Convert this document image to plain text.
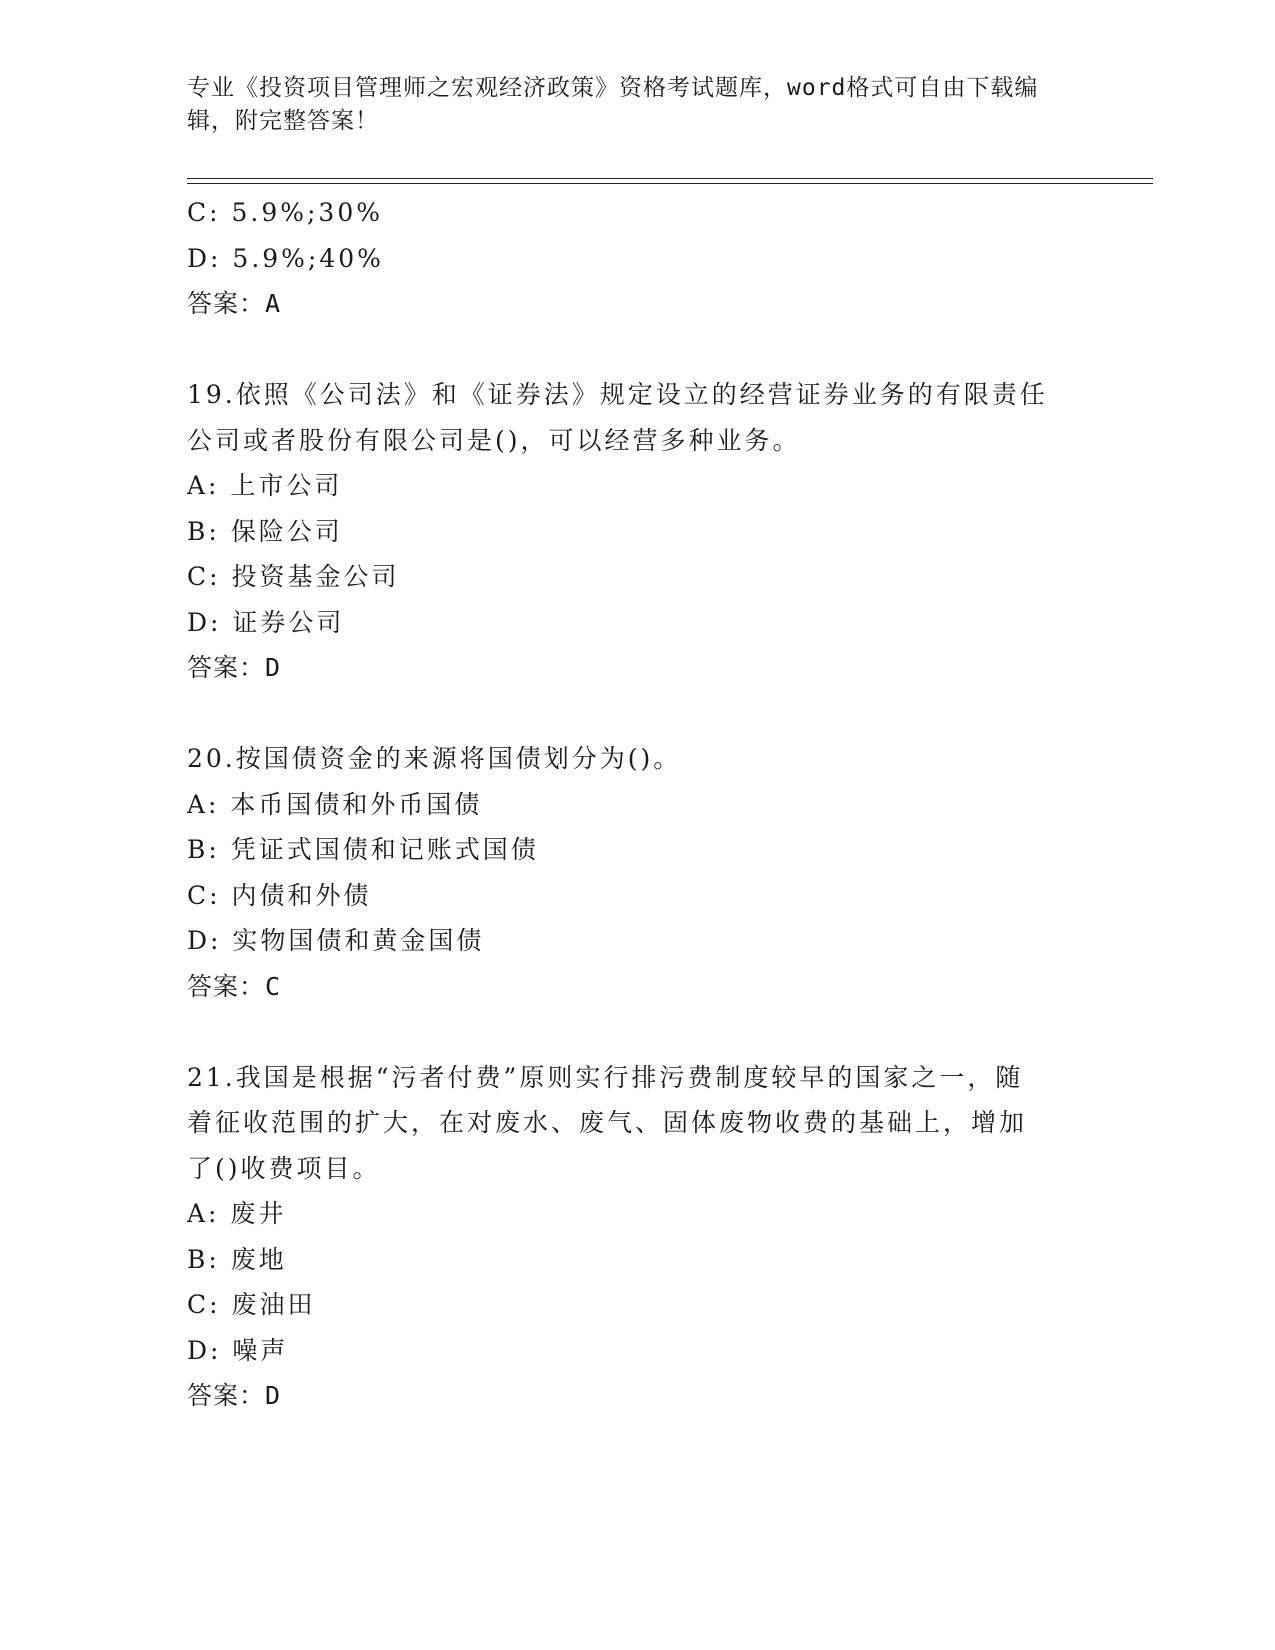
专业《投资项目管理师之宏观经济政策》资格考试题库，word格式可自由下载编辑，附完整答案！

C: 5.9%;30%

D: 5.9%;40%

答案：A

19.依照《公司法》和《证券法》规定设立的经营证券业务的有限责任

公司或者股份有限公司是()，可以经营多种业务。

A: 上市公司

B: 保险公司

C: 投资基金公司

D: 证券公司

答案：D

20.按国债资金的来源将国债划分为()。

A: 本币国债和外币国债

B: 凭证式国债和记账式国债

C: 内债和外债

D: 实物国债和黄金国债

答案：C

21.我国是根据“污者付费”原则实行排污费制度较早的国家之一，随

着征收范围的扩大，在对废水、废气、固体废物收费的基础上，增加

了()收费项目。

A: 废井

B: 废地

C: 废油田

D: 噪声

答案：D
